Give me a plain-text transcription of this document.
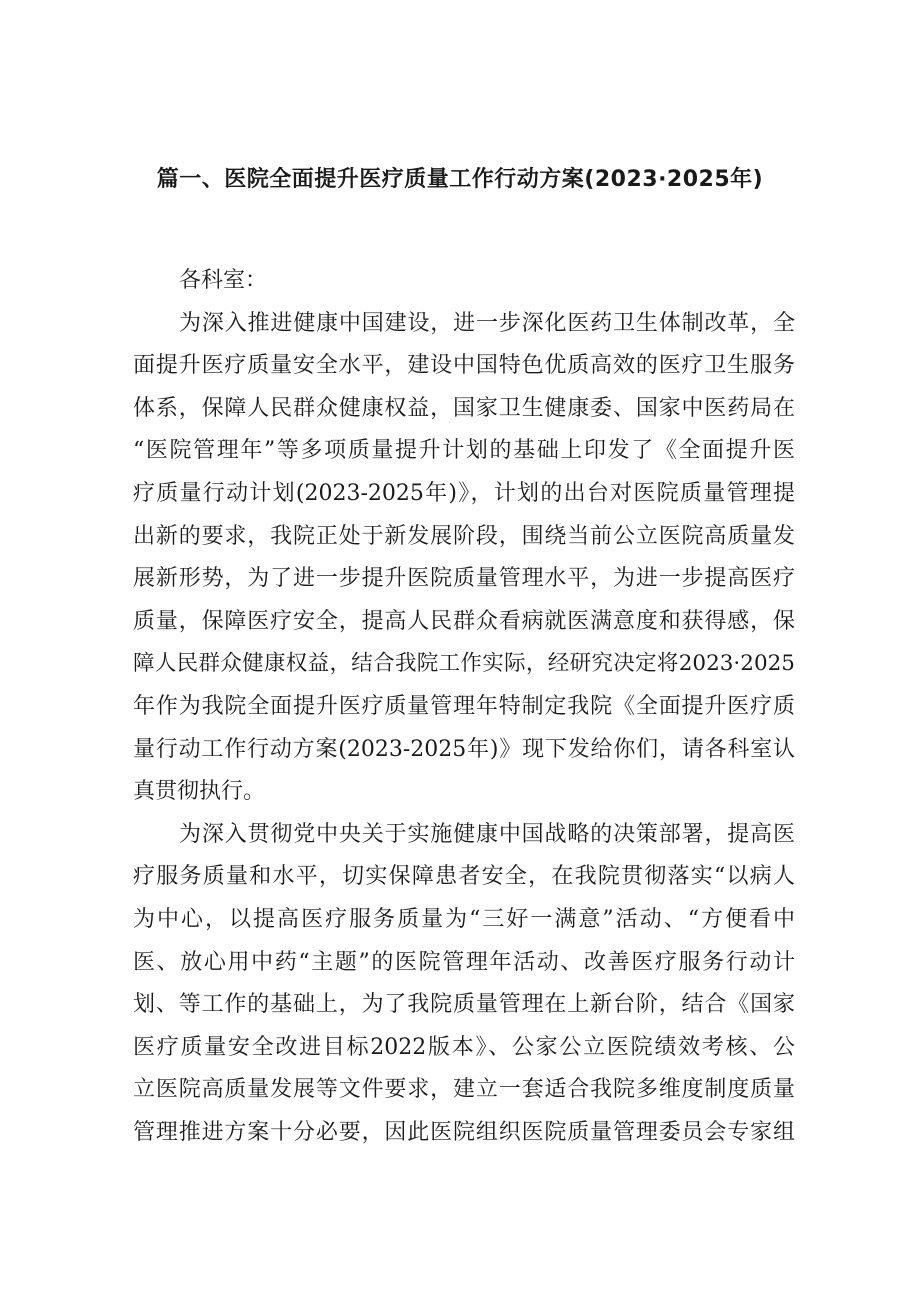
篇一、医院全面提升医疗质量工作行动方案(2023·2025年)
各科室：
为深入推进健康中国建设，进一步深化医药卫生体制改革，全
面提升医疗质量安全水平，建设中国特色优质高效的医疗卫生服务
体系，保障人民群众健康权益，国家卫生健康委、国家中医药局在
“医院管理年”等多项质量提升计划的基础上印发了《全面提升医
疗质量行动计划(2023-2025年)》，计划的出台对医院质量管理提
出新的要求，我院正处于新发展阶段，围绕当前公立医院高质量发
展新形势，为了进一步提升医院质量管理水平，为进一步提高医疗
质量，保障医疗安全，提高人民群众看病就医满意度和获得感，保
障人民群众健康权益，结合我院工作实际，经研究决定将2023·2025
年作为我院全面提升医疗质量管理年特制定我院《全面提升医疗质
量行动工作行动方案(2023-2025年)》现下发给你们，请各科室认
真贯彻执行。
为深入贯彻党中央关于实施健康中国战略的决策部署，提高医
疗服务质量和水平，切实保障患者安全，在我院贯彻落实“以病人
为中心，以提高医疗服务质量为“三好一满意”活动、“方便看中
医、放心用中药“主题”的医院管理年活动、改善医疗服务行动计
划、等工作的基础上，为了我院质量管理在上新台阶，结合《国家
医疗质量安全改进目标2022版本》、公家公立医院绩效考核、公
立医院高质量发展等文件要求，建立一套适合我院多维度制度质量
管理推进方案十分必要，因此医院组织医院质量管理委员会专家组
